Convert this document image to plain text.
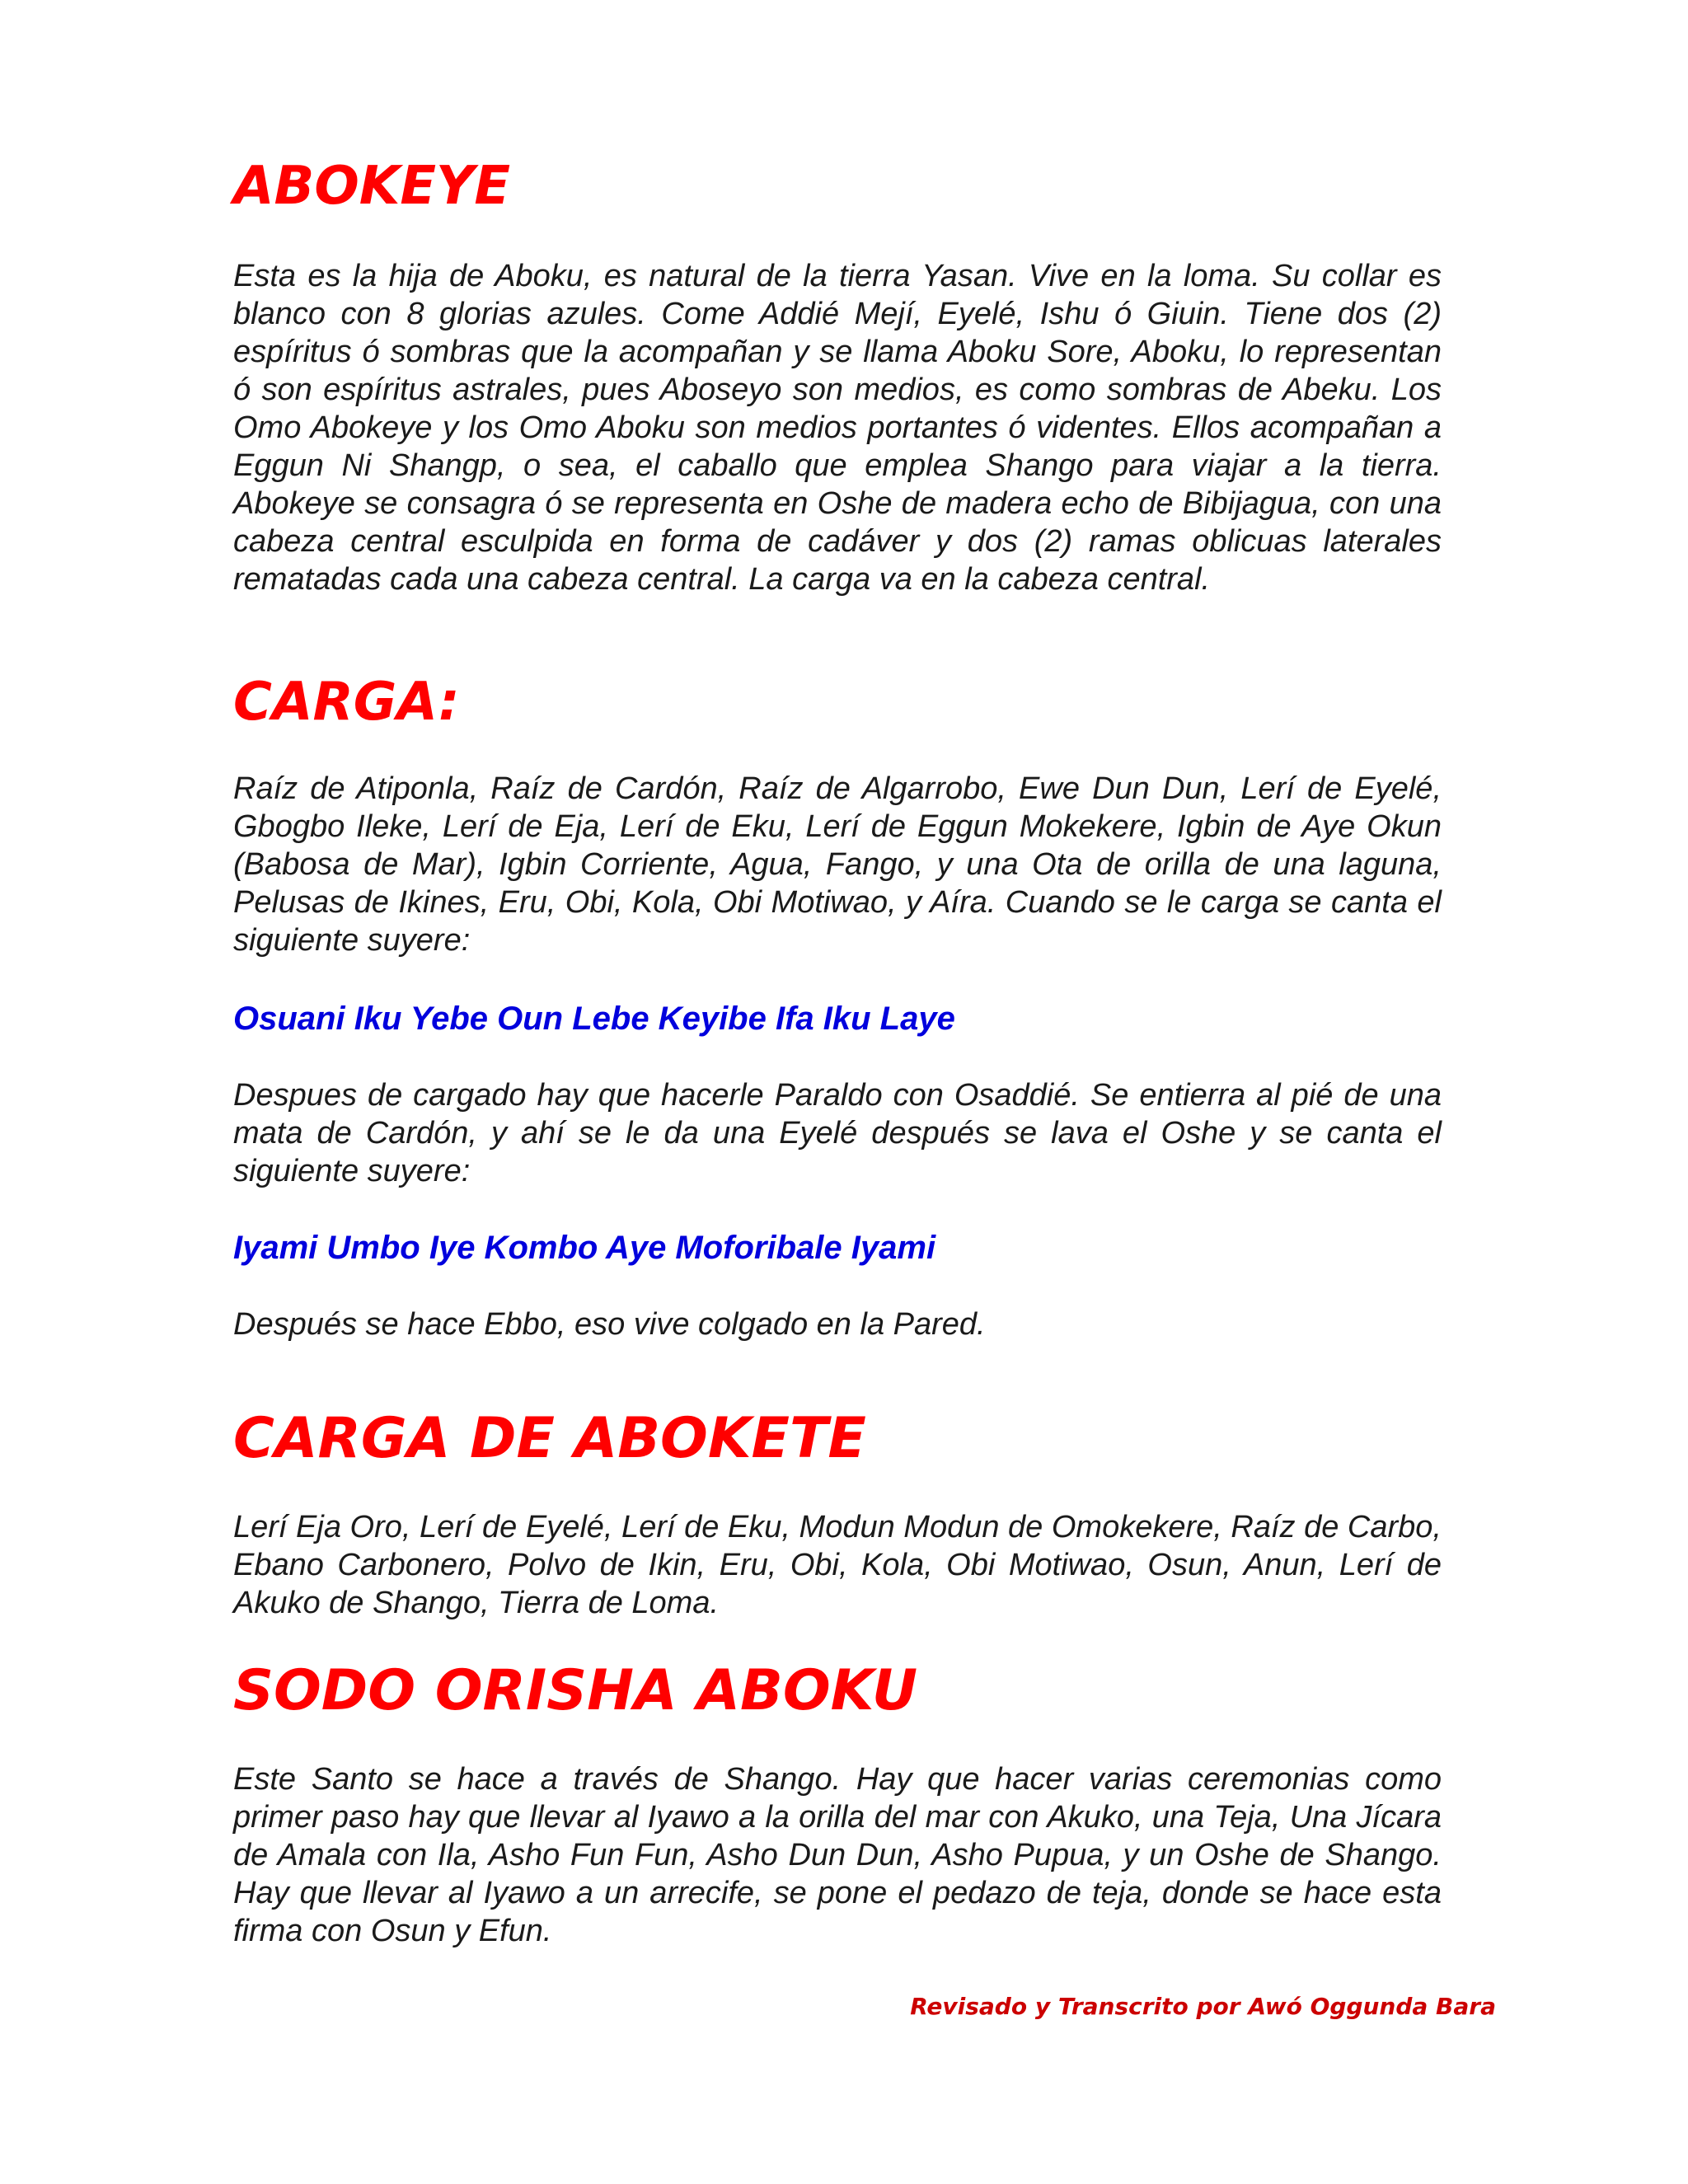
ABOKEYE

Esta es la hija de Aboku, es natural de la tierra Yasan. Vive en la loma. Su collar es blanco con 8 glorias azules. Come Addié Mejí, Eyelé, Ishu ó Giuin. Tiene dos (2) espíritus ó sombras que la acompañan y se llama Aboku Sore, Aboku, lo representan ó son espíritus astrales, pues Aboseyo son medios, es como sombras de Abeku. Los Omo Abokeye y los Omo Aboku son medios portantes ó videntes. Ellos acompañan a Eggun Ni Shangp, o sea, el caballo que emplea Shango para viajar a la tierra. Abokeye se consagra ó se representa en Oshe de madera echo de Bibijagua, con una cabeza central esculpida en forma de cadáver y dos (2) ramas oblicuas laterales rematadas cada una cabeza central. La carga va en la cabeza central.

CARGA:

Raíz de Atiponla, Raíz de Cardón, Raíz de Algarrobo, Ewe Dun Dun, Lerí de Eyelé, Gbogbo Ileke, Lerí de Eja, Lerí de Eku, Lerí de Eggun Mokekere, Igbin de Aye Okun (Babosa de Mar), Igbin Corriente, Agua, Fango, y una Ota de orilla de una laguna, Pelusas de Ikines, Eru, Obi, Kola, Obi Motiwao, y Aíra. Cuando se le carga se canta el siguiente suyere:

Osuani Iku Yebe Oun Lebe Keyibe Ifa Iku Laye

Despues de cargado hay que hacerle Paraldo con Osaddié. Se entierra al pié de una mata de Cardón, y ahí se le da una Eyelé después se lava el Oshe y se canta el siguiente suyere:

Iyami Umbo Iye Kombo Aye Moforibale Iyami

Después se hace Ebbo, eso vive colgado en la Pared.

CARGA DE ABOKETE

Lerí Eja Oro, Lerí de Eyelé, Lerí de Eku, Modun Modun de Omokekere, Raíz de Carbo, Ebano Carbonero, Polvo de Ikin, Eru, Obi, Kola, Obi Motiwao, Osun, Anun, Lerí de Akuko de Shango, Tierra de Loma.

SODO ORISHA ABOKU

Este Santo se hace a través de Shango. Hay que hacer varias ceremonias como primer paso hay que llevar al Iyawo a la orilla del mar con Akuko, una Teja, Una Jícara de Amala con Ila, Asho Fun Fun, Asho Dun Dun, Asho Pupua, y un Oshe de Shango. Hay que llevar al Iyawo a un arrecife, se pone el pedazo de teja, donde se hace esta firma con Osun y Efun.

Revisado y Transcrito por Awó Oggunda Bara
